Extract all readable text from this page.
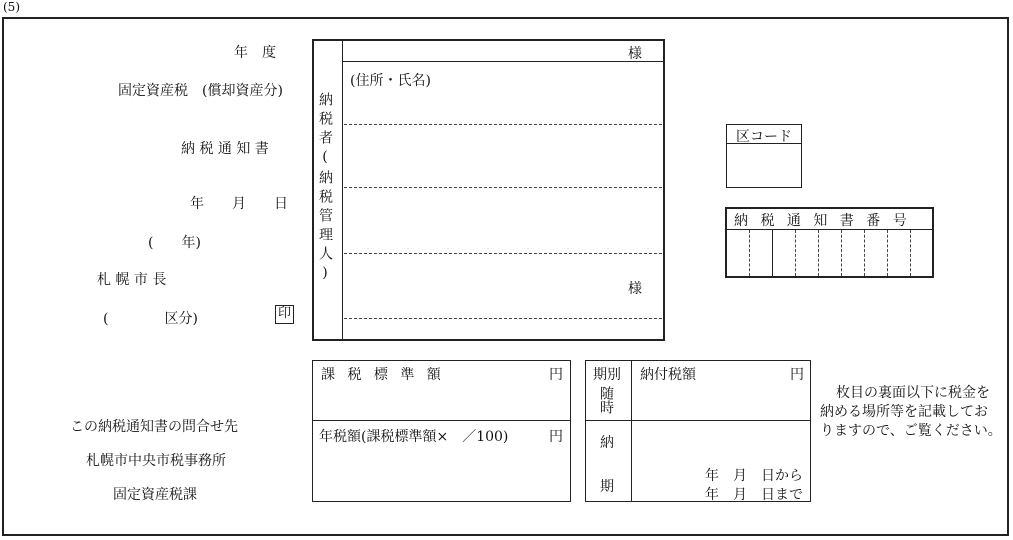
(5)
年　度
固定資産税　(償却資産分)
納 税 通 知 書
年　　月　　日
(　　年)
札 幌 市 長
(　　　　区分)	印
この納税通知書の問合せ先
札幌市中央市税事務所
固定資産税課
様
(住所・氏名)
様
納税者(納税管理人)	区コード
納 税 通 知 書 番 号
課 税 標 準 額	円
年税額(課税標準額×　／100)	円
期別 納付税額	円
随時
納
期
年　月　日から
年　月　日まで
枚目の裏面以下に税金を
納める場所等を記載してお
りますので、ご覧ください。
